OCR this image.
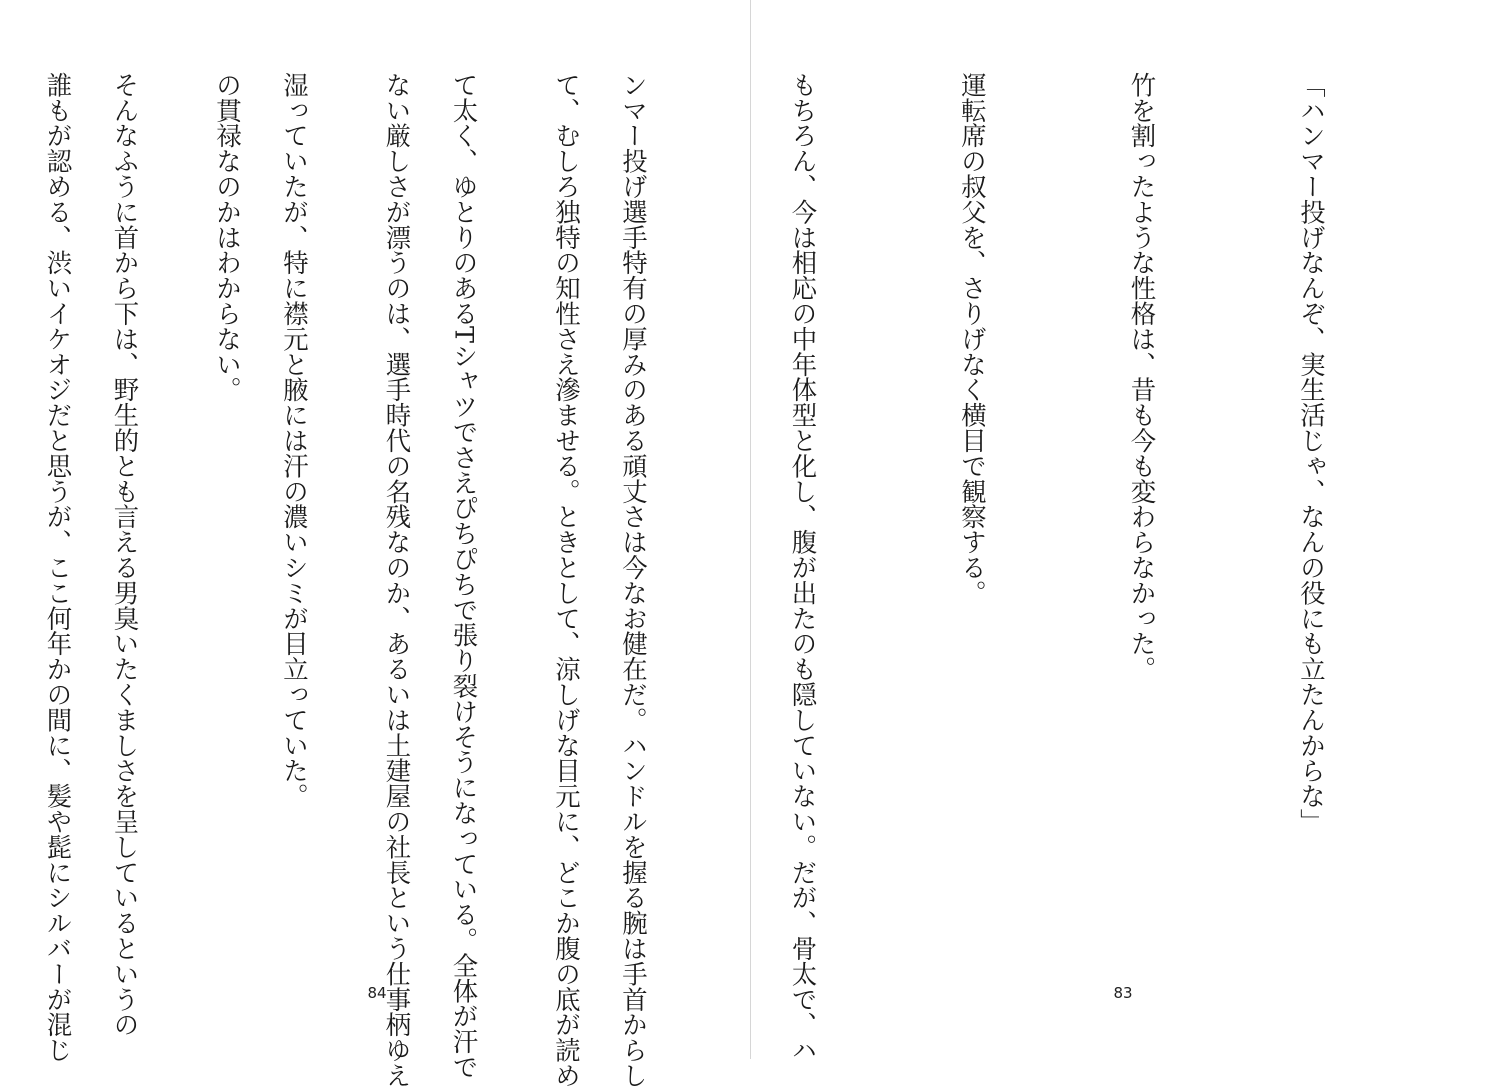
て、むしろ独特の知性さえ滲ませる。ときとして、涼しげな目元に、どこか腹の底が読め

ない厳しさが漂うのは、選手時代の名残なのか、あるいは土建屋の社長という仕事柄ゆえ

の貫禄なのかはわからない。

誰もが認める、渋いイケオジだと思うが、ここ何年かの間に、髪や髭にシルバーが混じ

	84

「ハンマー投げなんぞ、実生活じゃ、なんの役にも立たんからな」

竹を割ったような性格は、昔も今も変わらなかった。

運転席の叔父を、さりげなく横目で観察する。

もちろん、今は相応の中年体型と化し、腹が出たのも隠していない。だが、骨太で、ハ

ンマー投げ選手特有の厚みのある頑丈さは今なお健在だ。ハンドルを握る腕は手首からし

て太く、ゆとりのあるTシャツでさえぴちぴちで張り裂けそうになっている。全体が汗で

湿っていたが、特に襟元と腋には汗の濃いシミが目立っていた。

そんなふうに首から下は、野生的とも言える男臭いたくましさを呈しているというの

	83
